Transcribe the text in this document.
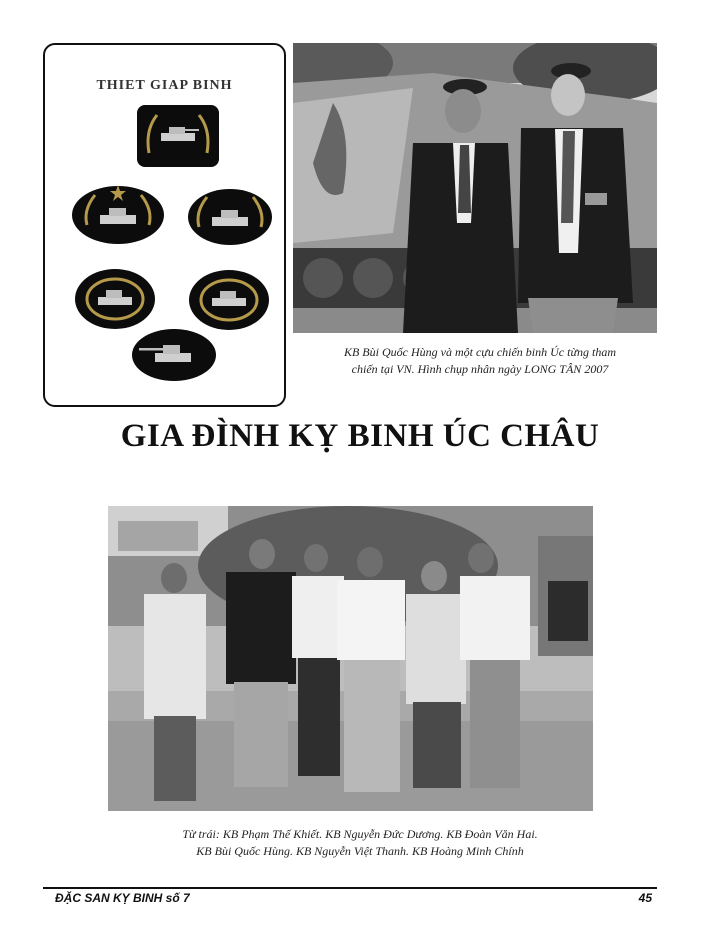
THIET GIAP BINH
KB Bùi Quốc Hùng và một cựu chiến binh Úc từng tham
chiến tại VN. Hình chụp nhân ngày LONG TÂN 2007
GIA ĐÌNH KỴ BINH ÚC CHÂU
Từ trái: KB Phạm Thế Khiết. KB Nguyễn Đức Dương. KB Đoàn Văn Hai.
KB Bùi Quốc Hùng. KB Nguyễn Việt Thanh. KB Hoàng Minh Chính
ĐẶC SAN KỴ BINH số 7	45
